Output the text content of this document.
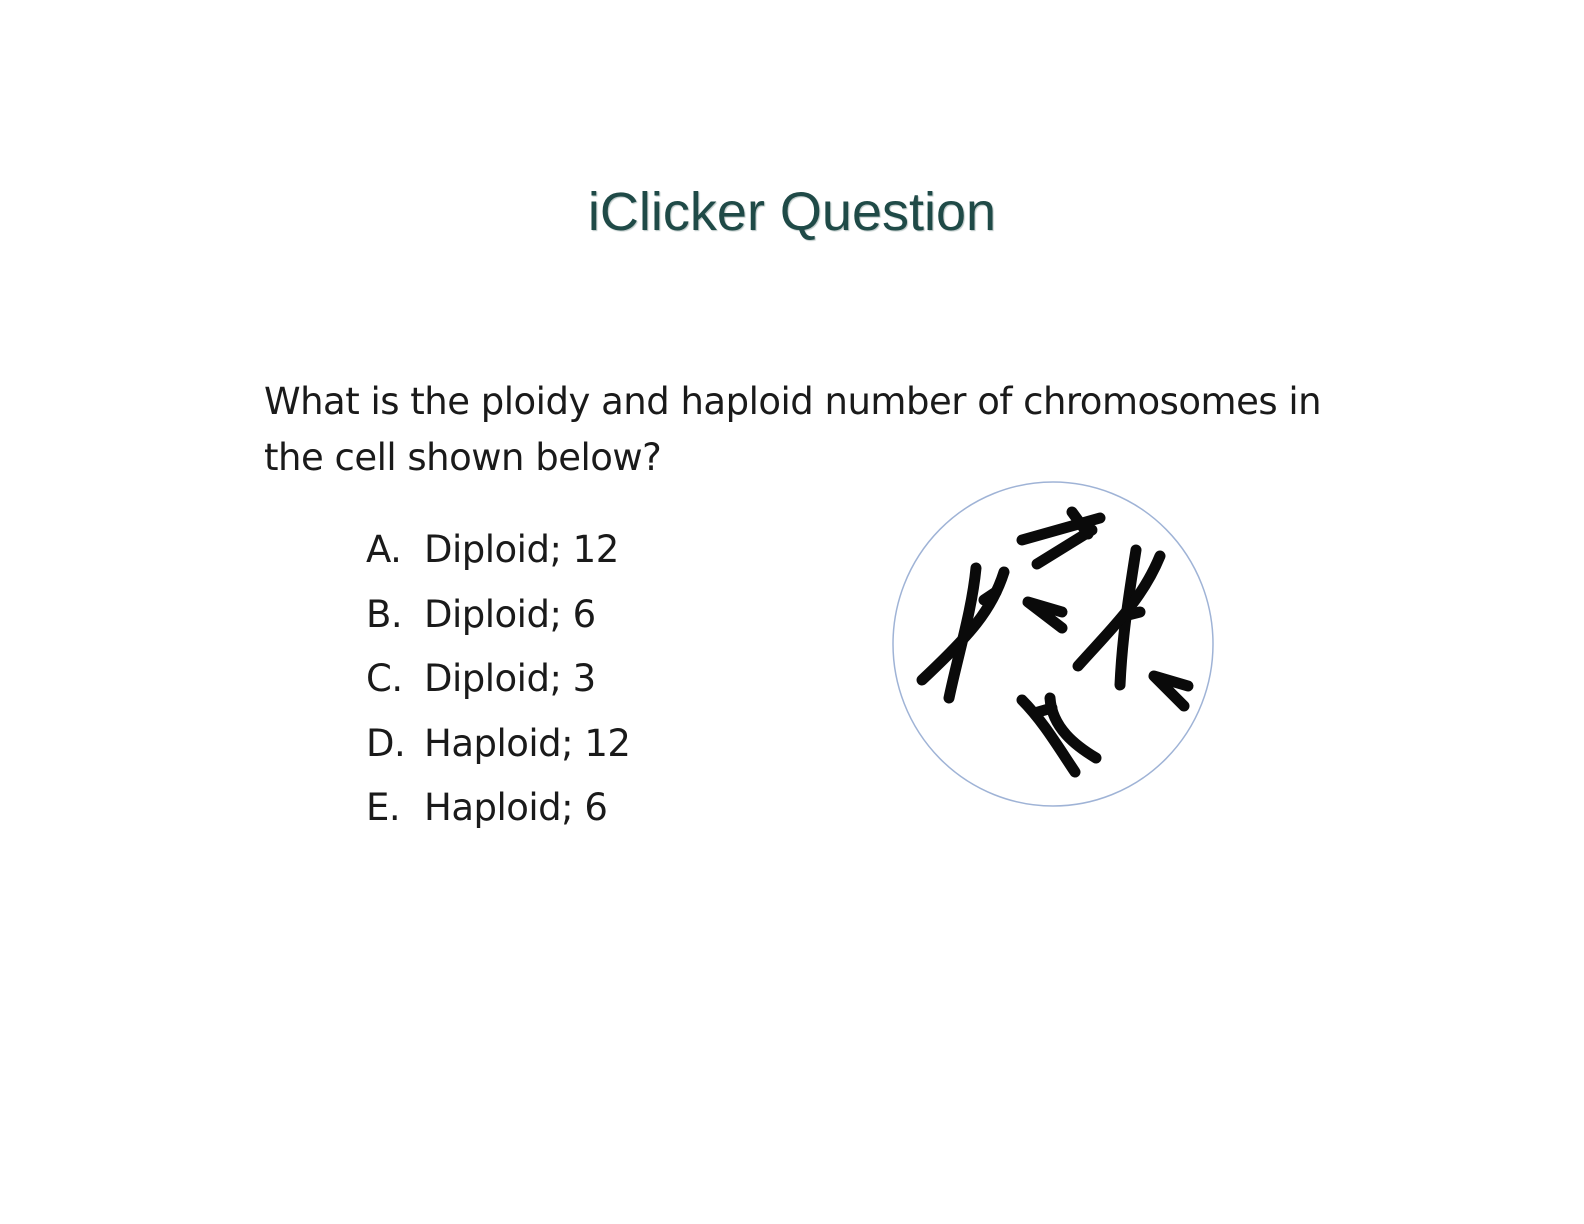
iClicker Question

What is the ploidy and haploid number of chromosomes in the cell shown below?

A. Diploid; 12
B. Diploid; 6
C. Diploid; 3
D. Haploid; 12
E. Haploid; 6
